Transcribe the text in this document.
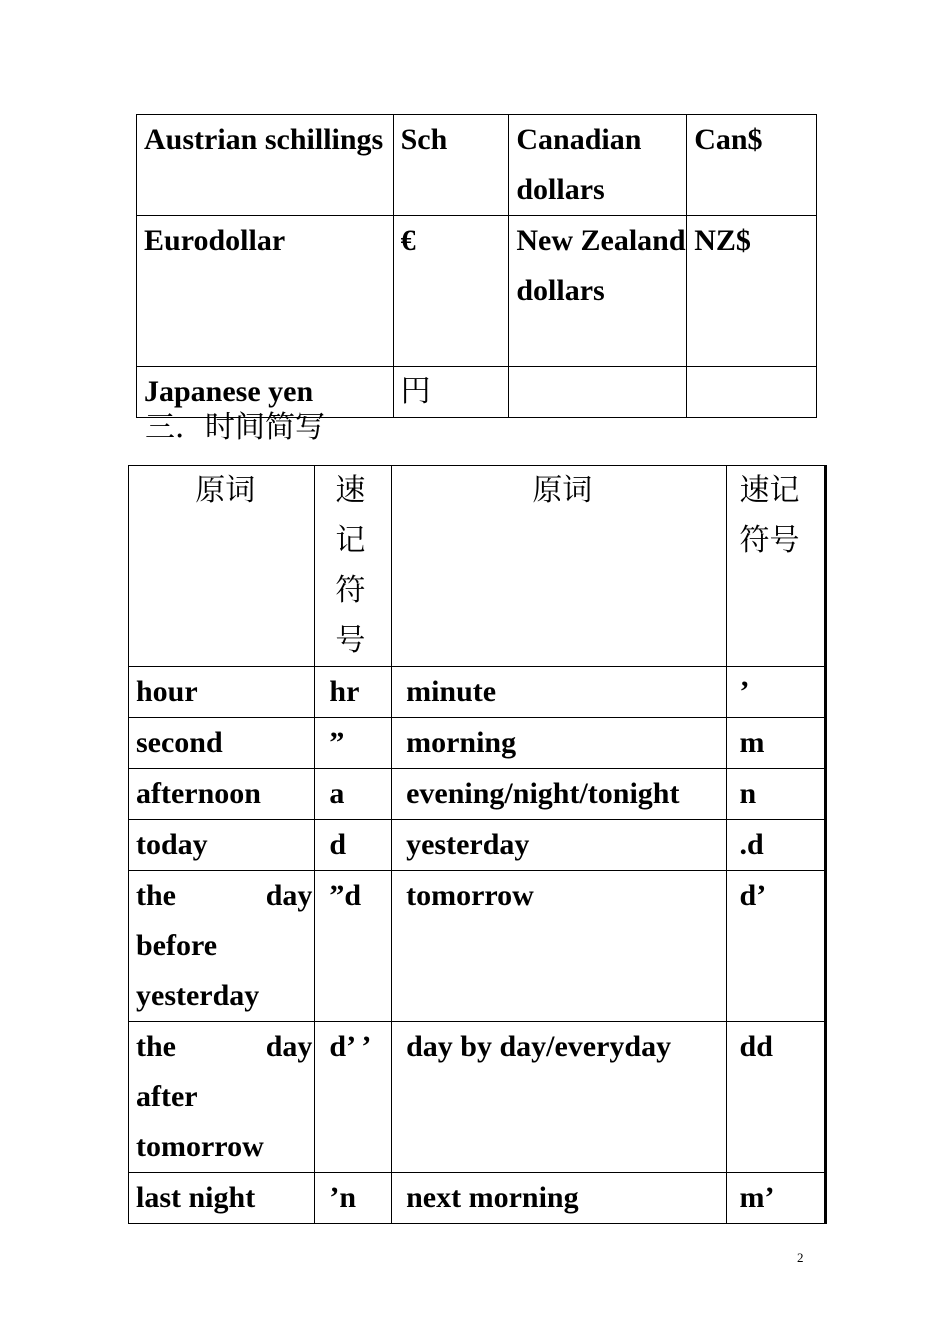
Austrian schillings	Sch	Canadian dollars	Can$
Eurodollar	€	New Zealand dollars	NZ$
Japanese yen	円		
三．时间简写
原词	速记符号	原词	速记符号
hour	hr	minute	’
second	”	morning	m
afternoon	a	evening/night/tonight	n
today	d	yesterday	.d

the day
before
yesterday	”d	tomorrow	d’

the day
after
tomorrow	d’ ’	day by day/everyday	dd
last night	’n	next morning	m’
2
